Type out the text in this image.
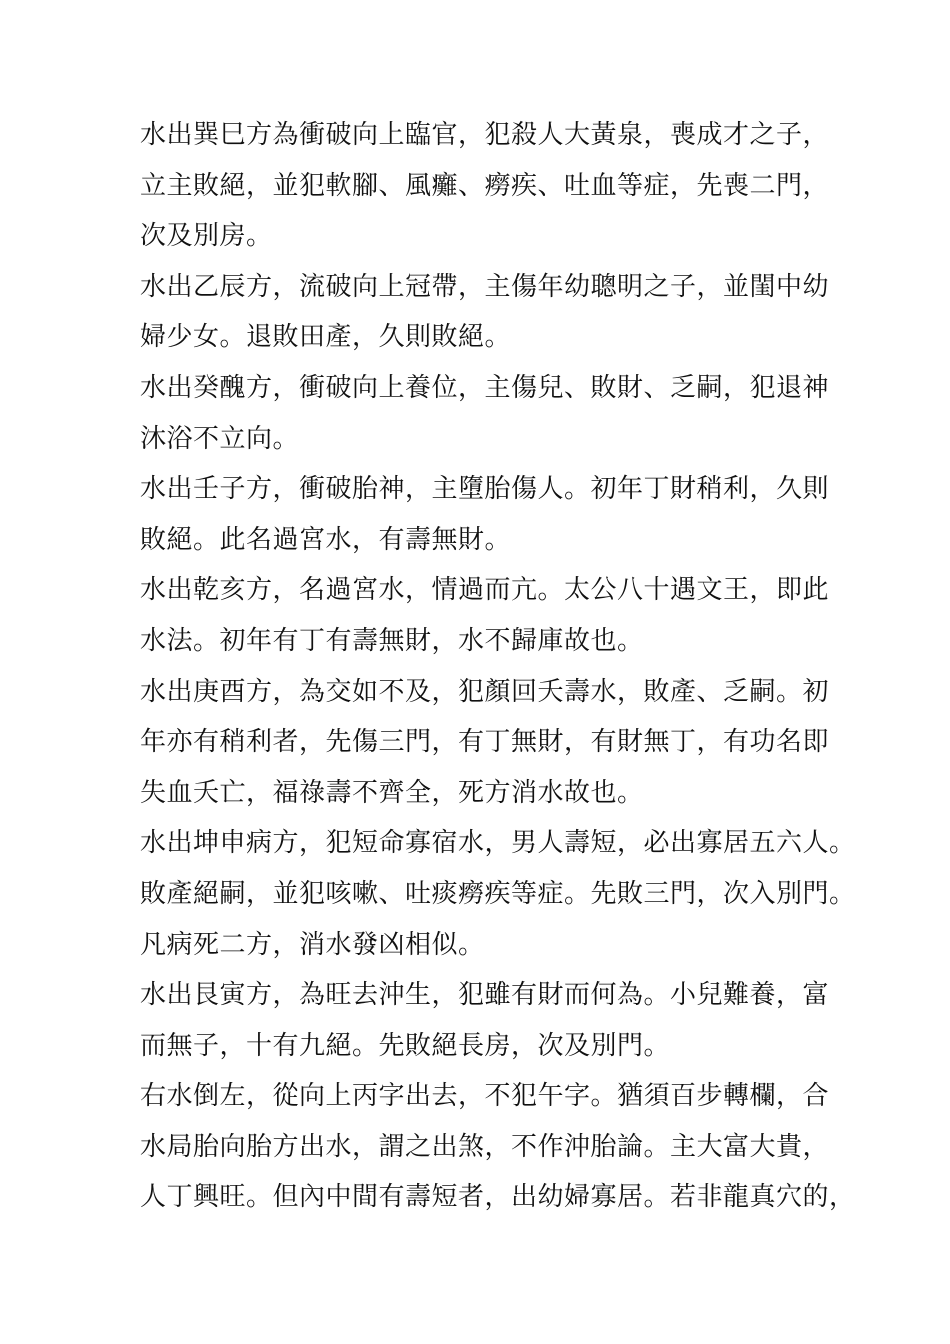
水出巽巳方為衝破向上臨官，犯殺人大黃泉，喪成才之子，
立主敗絕，並犯軟腳、風癱、癆疾、吐血等症，先喪二門，
次及別房。
水出乙辰方，流破向上冠帶，主傷年幼聰明之子，並閨中幼
婦少女。退敗田產，久則敗絕。
水出癸醜方，衝破向上養位，主傷兒、敗財、乏嗣，犯退神
沐浴不立向。
水出壬子方，衝破胎神，主墮胎傷人。初年丁財稍利，久則
敗絕。此名過宮水，有壽無財。
水出乾亥方，名過宮水，情過而亢。太公八十遇文王，即此
水法。初年有丁有壽無財，水不歸庫故也。
水出庚酉方，為交如不及，犯顏回夭壽水，敗產、乏嗣。初
年亦有稍利者，先傷三門，有丁無財，有財無丁，有功名即
失血夭亡，福祿壽不齊全，死方消水故也。
水出坤申病方，犯短命寡宿水，男人壽短，必出寡居五六人。
敗產絕嗣，並犯咳嗽、吐痰癆疾等症。先敗三門，次入別門。
凡病死二方，消水發凶相似。
水出艮寅方，為旺去沖生，犯雖有財而何為。小兒難養，富
而無子，十有九絕。先敗絕長房，次及別門。
右水倒左，從向上丙字出去，不犯午字。猶須百步轉欄，合
水局胎向胎方出水，謂之出煞，不作沖胎論。主大富大貴，
人丁興旺。但內中間有壽短者，出幼婦寡居。若非龍真穴的，
